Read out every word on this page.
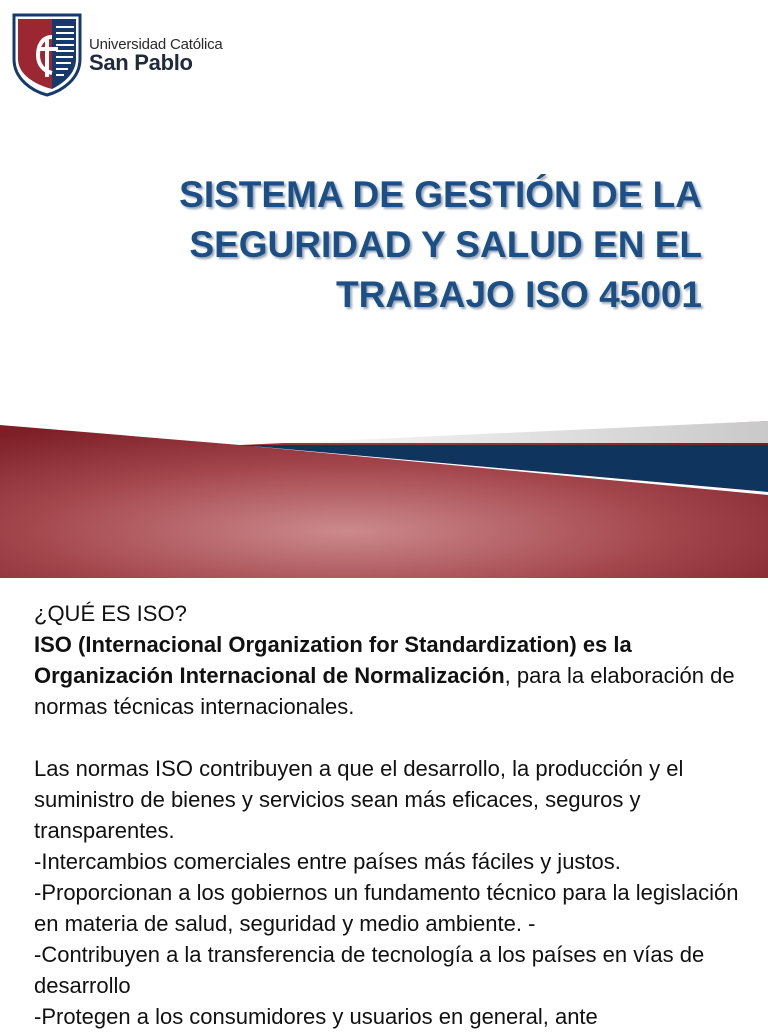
Universidad Católica
San Pablo
SISTEMA DE GESTIÓN DE LA
SEGURIDAD Y SALUD EN EL
TRABAJO ISO 45001

¿QUÉ ES ISO?

ISO (Internacional Organization for Standardization) es la Organización Internacional de Normalización, para la elaboración de normas técnicas internacionales.

Las normas ISO contribuyen a que el desarrollo, la producción y el suministro de bienes y servicios sean más eficaces, seguros y transparentes.

-Intercambios comerciales entre países más fáciles y justos.

-Proporcionan a los gobiernos un fundamento técnico para la legislación en materia de salud, seguridad y medio ambiente. -

-Contribuyen a la transferencia de tecnología a los países en vías de desarrollo

-Protegen a los consumidores y usuarios en general, ante
